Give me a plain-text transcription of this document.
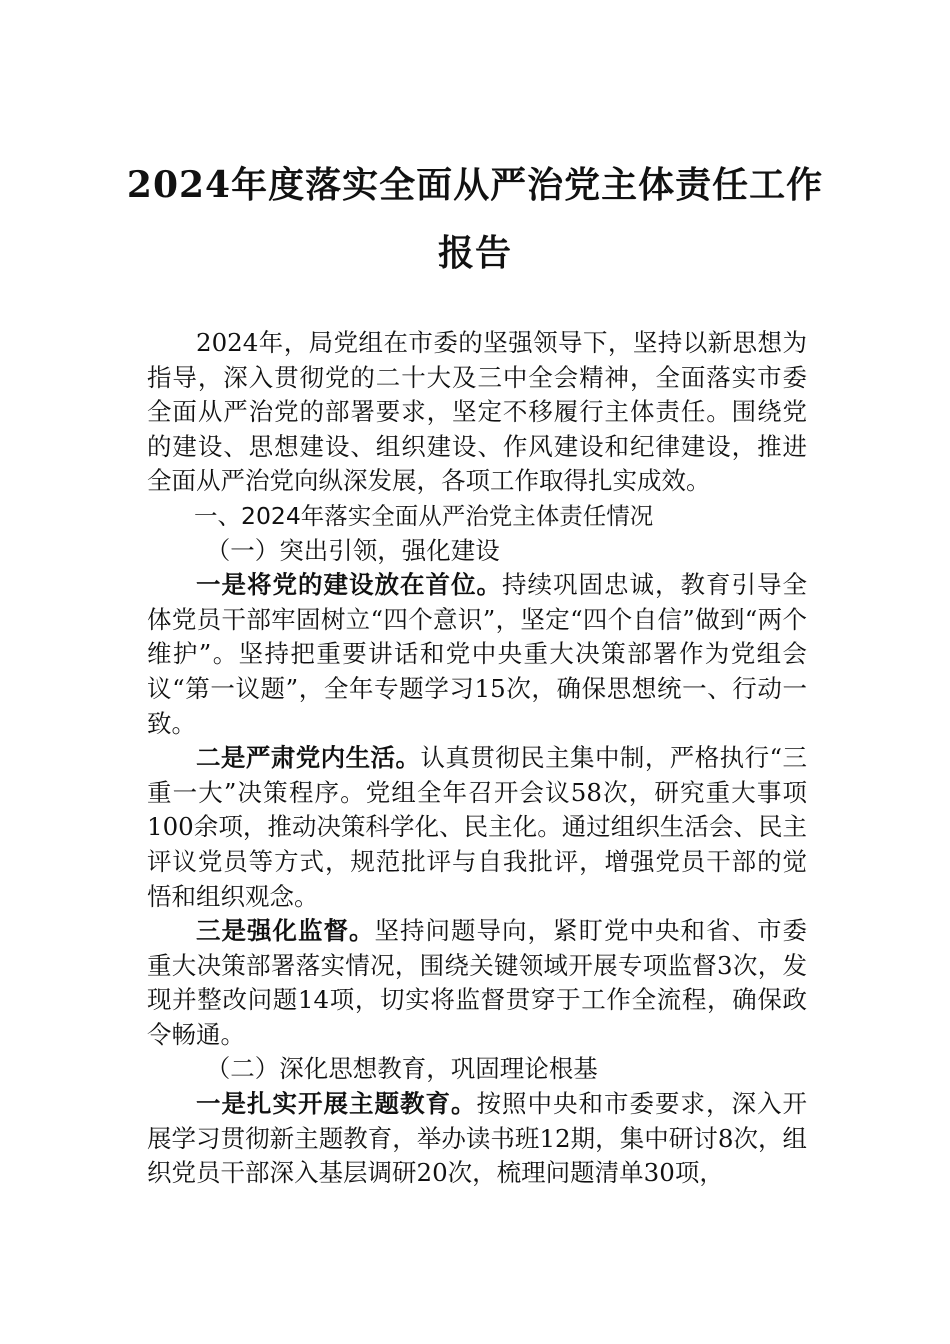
2024年度落实全面从严治党主体责任工作
报告

2024年，局党组在市委的坚强领导下，坚持以新思想为指导，深入贯彻党的二十大及三中全会精神，全面落实市委全面从严治党的部署要求，坚定不移履行主体责任。围绕党的建设、思想建设、组织建设、作风建设和纪律建设，推进全面从严治党向纵深发展，各项工作取得扎实成效。

一、2024年落实全面从严治党主体责任情况

（一）突出引领，强化建设

一是将党的建设放在首位。持续巩固忠诚，教育引导全体党员干部牢固树立“四个意识”，坚定“四个自信”做到“两个维护”。坚持把重要讲话和党中央重大决策部署作为党组会议“第一议题”，全年专题学习15次，确保思想统一、行动一致。

二是严肃党内生活。认真贯彻民主集中制，严格执行“三重一大”决策程序。党组全年召开会议58次，研究重大事项100余项，推动决策科学化、民主化。通过组织生活会、民主评议党员等方式，规范批评与自我批评，增强党员干部的觉悟和组织观念。

三是强化监督。坚持问题导向，紧盯党中央和省、市委重大决策部署落实情况，围绕关键领域开展专项监督3次，发现并整改问题14项，切实将监督贯穿于工作全流程，确保政令畅通。

（二）深化思想教育，巩固理论根基

一是扎实开展主题教育。按照中央和市委要求，深入开展学习贯彻新主题教育，举办读书班12期，集中研讨8次，组织党员干部深入基层调研20次，梳理问题清单30项，
